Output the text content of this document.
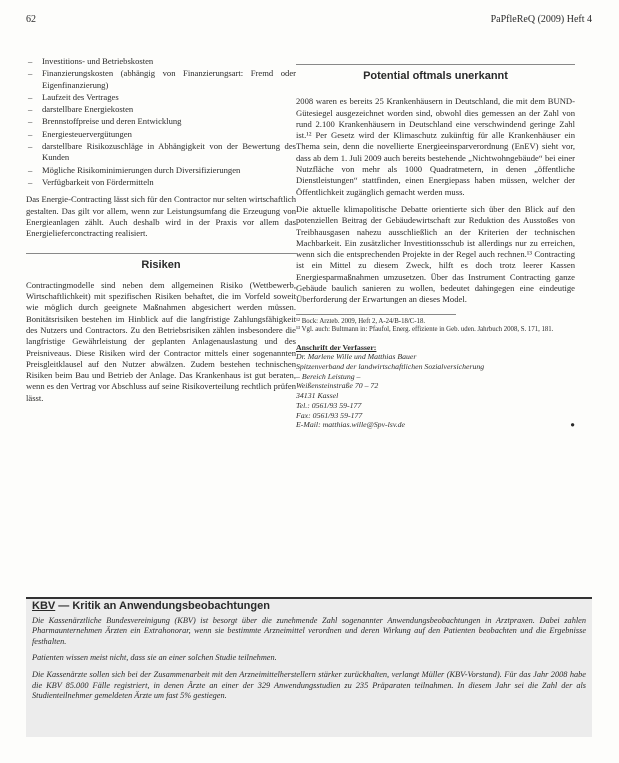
62	PaPfleReQ (2009) Heft 4
– Investitions- und Betriebskosten
– Finanzierungskosten (abhängig von Finanzierungsart: Fremd oder Eigenfinanzierung)
– Laufzeit des Vertrages
– darstellbare Energiekosten
– Brennstoffpreise und deren Entwicklung
– Energiesteuervergütungen
– darstellbare Risikozuschläge in Abhängigkeit von der Bewertung des Kunden
– Mögliche Risikominimierungen durch Diversifizierungen
– Verfügbarkeit von Fördermitteln

Das Energie-Contracting lässt sich für den Contractor nur selten wirtschaftlich gestalten. Das gilt vor allem, wenn zur Leistungsumfang die Erzeugung von Energieanlagen zählt. Auch deshalb wird in der Praxis vor allem das Energielieferconctracting realisiert.

Risiken

Contractingmodelle sind neben dem allgemeinen Risiko (Wettbewerb, Wirtschaftlichkeit) mit spezifischen Risiken behaftet, die im Vorfeld soweit wie möglich durch geeignete Maßnahmen abgesichert werden müssen. Bonitätsrisiken bestehen im Hinblick auf die langfristige Zahlungsfähigkeit des Nutzers und Contractors. Zu den Betriebsrisiken zählen insbesondere die langfristige Gewährleistung der geplanten Anlagenauslastung und des Preisniveaus. Diese Risiken wird der Contractor mittels einer sogenannten Preisgleitklausel auf den Nutzer abwälzen. Zudem bestehen technischen Risiken beim Bau und Betrieb der Anlage. Das Krankenhaus ist gut beraten, wenn es den Vertrag vor Abschluss auf seine Risikoverteilung rechtlich prüfen lässt.

Potential oftmals unerkannt

2008 waren es bereits 25 Krankenhäusern in Deutschland, die mit dem BUND-Gütesiegel ausgezeichnet worden sind, obwohl dies gemessen an der Zahl von rund 2.100 Krankenhäusern in Deutschland eine verschwindend geringe Zahl ist.¹² Per Gesetz wird der Klimaschutz zukünftig für alle Krankenhäuser ein Thema sein, denn die novellierte Energieeinsparverordnung (EnEV) sieht vor, dass ab dem 1. Juli 2009 auch bereits bestehende „Nichtwohngebäude“ bei einer Nutzfläche von mehr als 1000 Quadratmetern, in denen „öffentliche Dienstleistungen“ stattfinden, einen Energiepass haben müssen, welcher der Öffentlichkeit zugänglich gemacht werden muss.

Die aktuelle klimapolitische Debatte orientierte sich über den Blick auf den potenziellen Beitrag der Gebäudewirtschaft zur Reduktion des Ausstoßes von Treibhausgasen nahezu ausschließlich an der Kriterien der technischen Machbarkeit. Ein zusätzlicher Investitionsschub ist allerdings nur zu erreichen, wenn sich die entsprechenden Projekte in der Regel auch rechnen.¹³ Contracting ist ein Mittel zu diesem Zweck, hilft es doch trotz leerer Kassen Energiesparmaßnahmen umzusetzen. Über das Instrument Contracting ganze Gebäude baulich sanieren zu wollen, bedeutet dahingegen eine eindeutige Überforderung der Erwartungen an dieses Model.

¹² Bock: Arzteb. 2009, Heft 2, A-24/B-18/C-18.
¹³ Vgl. auch: Bultmann in: Pfaufol, Energ. effiziente in Geb. uden. Jahrbuch 2008, S. 171, 181.
Anschrift der Verfasser:
Dr. Marlene Wille und Matthias Bauer
Spitzenverband der landwirtschaftlichen Sozialversicherung
– Bereich Leistung –
Weißensteinstraße 70 – 72
34131 Kassel
Tel.: 0561/93 59-177
Fax: 0561/93 59-177
E-Mail: matthias.wille@Spv-lsv.de	●
KBV — Kritik an Anwendungsbeobachtungen

Die Kassenärztliche Bundesvereinigung (KBV) ist besorgt über die zunehmende Zahl sogenannter Anwendungsbeobachtungen in Arztpraxen. Dabei zahlen Pharmaunternehmen Ärzten ein Extrahonorar, wenn sie bestimmte Arzneimittel verordnen und deren Wirkung auf den Patienten beobachten und die Ergebnisse festhalten.

Patienten wissen meist nicht, dass sie an einer solchen Studie teilnehmen.

Die Kassenärzte sollen sich bei der Zusammenarbeit mit den Arzneimittelherstellern stärker zurückhalten, verlangt Müller (KBV-Vorstand). Für das Jahr 2008 habe die KBV 85.000 Fälle registriert, in denen Ärzte an einer der 329 Anwendungsstudien zu 235 Präparaten teilnahmen. In diesem Jahr sei die Zahl der als Studienteilnehmer gemeldeten Ärzte um fast 5% gestiegen.
